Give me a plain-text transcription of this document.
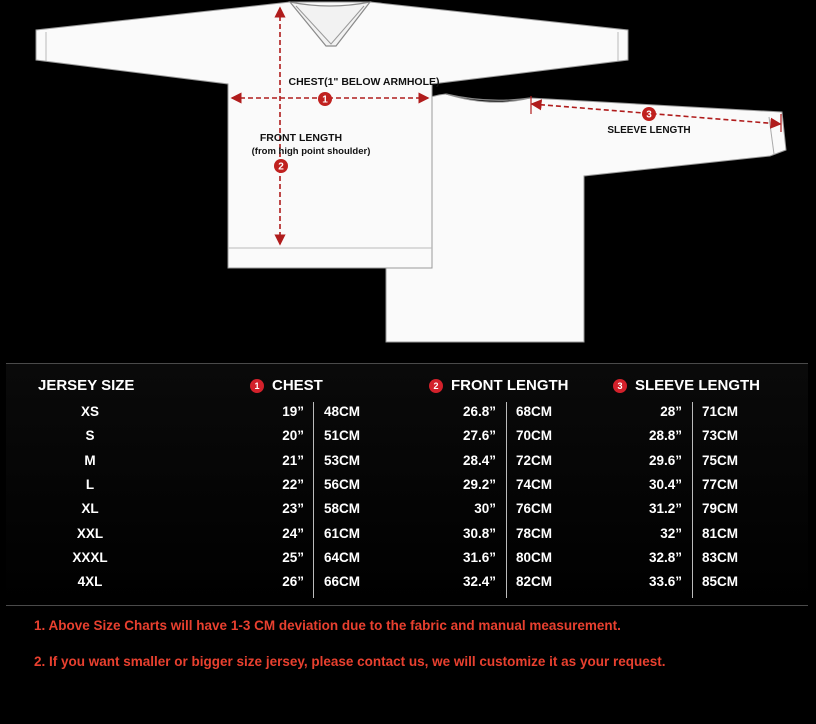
1
2
3
CHEST(1" BELOW ARMHOLE)
FRONT LENGTH
(from high point shoulder)
SLEEVE LENGTH
JERSEY SIZE	1 CHEST	2 FRONT LENGTH	3 SLEEVE LENGTH
XS	19” 48CM	26.8” 68CM	28” 71CM
S	20” 51CM	27.6” 70CM	28.8” 73CM
M	21” 53CM	28.4” 72CM	29.6” 75CM
L	22” 56CM	29.2” 74CM	30.4” 77CM
XL	23” 58CM	30” 76CM	31.2” 79CM
XXL	24” 61CM	30.8” 78CM	32” 81CM
XXXL	25” 64CM	31.6” 80CM	32.8” 83CM
4XL	26” 66CM	32.4” 82CM	33.6” 85CM
1. Above Size Charts will have 1-3 CM deviation due to the fabric and manual measurement.
2. If you want smaller or bigger size jersey, please contact us, we will customize it as your request.
